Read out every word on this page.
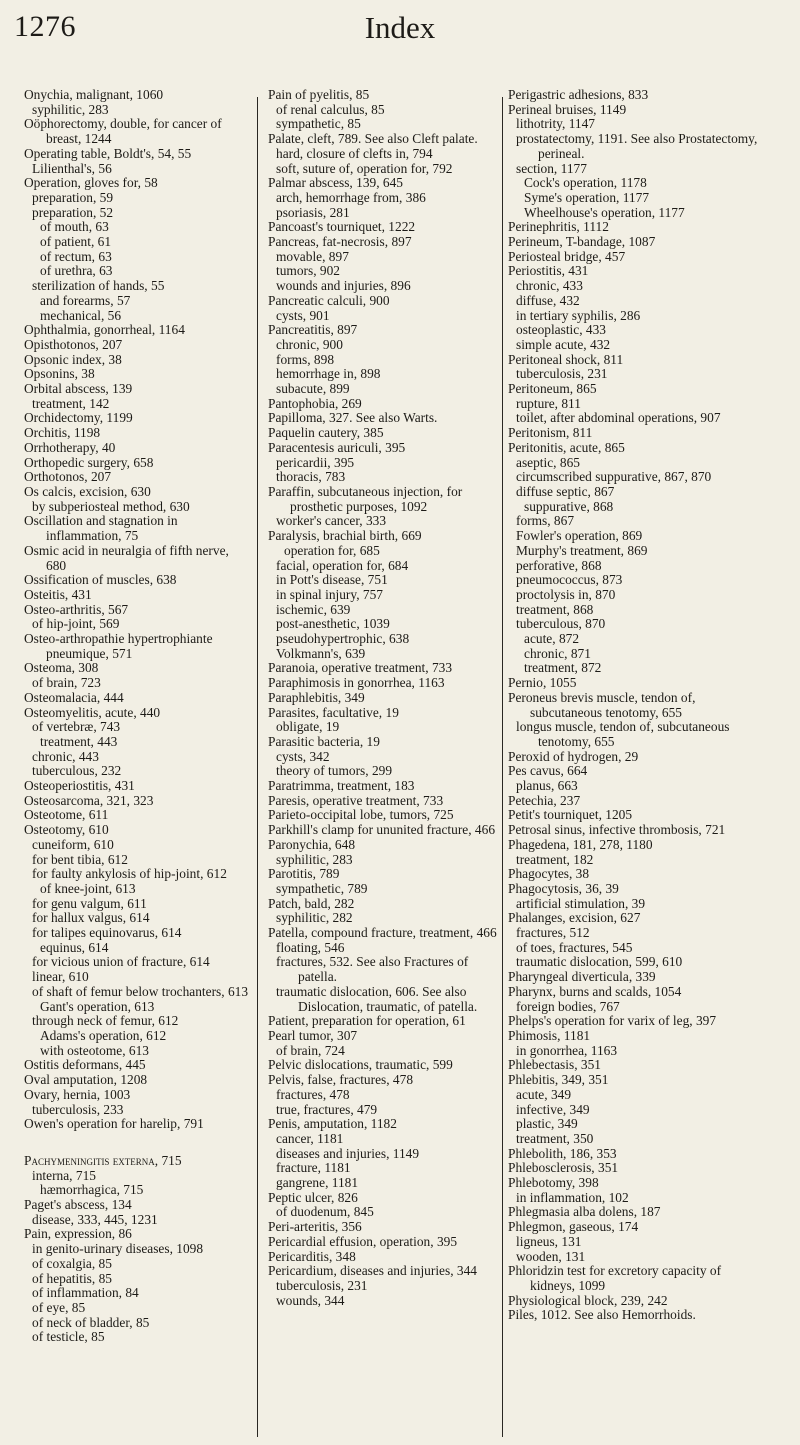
1276	Index
Onychia, malignant, 1060
syphilitic, 283
Oöphorectomy, double, for cancer of breast, 1244
Operating table, Boldt's, 54, 55
Lilienthal's, 56
Operation, gloves for, 58
preparation, 59
preparation, 52
of mouth, 63
of patient, 61
of rectum, 63
of urethra, 63
sterilization of hands, 55
and forearms, 57
mechanical, 56
Ophthalmia, gonorrheal, 1164
Opisthotonos, 207
Opsonic index, 38
Opsonins, 38
Orbital abscess, 139
treatment, 142
Orchidectomy, 1199
Orchitis, 1198
Orrhotherapy, 40
Orthopedic surgery, 658
Orthotonos, 207
Os calcis, excision, 630
by subperiosteal method, 630
Oscillation and stagnation in inflammation, 75
Osmic acid in neuralgia of fifth nerve, 680
Ossification of muscles, 638
Osteitis, 431
Osteo-arthritis, 567
of hip-joint, 569
Osteo-arthropathie hypertrophiante pneumique, 571
Osteoma, 308
of brain, 723
Osteomalacia, 444
Osteomyelitis, acute, 440
of vertebræ, 743
treatment, 443
chronic, 443
tuberculous, 232
Osteoperiostitis, 431
Osteosarcoma, 321, 323
Osteotome, 611
Osteotomy, 610
cuneiform, 610
for bent tibia, 612
for faulty ankylosis of hip-joint, 612
of knee-joint, 613
for genu valgum, 611
for hallux valgus, 614
for talipes equinovarus, 614
equinus, 614
for vicious union of fracture, 614
linear, 610
of shaft of femur below trochanters, 613
Gant's operation, 613
through neck of femur, 612
Adams's operation, 612
with osteotome, 613
Ostitis deformans, 445
Oval amputation, 1208
Ovary, hernia, 1003
tuberculosis, 233
Owen's operation for harelip, 791
Pachymeningitis externa, 715
interna, 715
hæmorrhagica, 715
Paget's abscess, 134
disease, 333, 445, 1231
Pain, expression, 86
in genito-urinary diseases, 1098
of coxalgia, 85
of hepatitis, 85
of inflammation, 84
of eye, 85
of neck of bladder, 85
of testicle, 85
Pain of pyelitis, 85
of renal calculus, 85
sympathetic, 85
Palate, cleft, 789. See also Cleft palate.
hard, closure of clefts in, 794
soft, suture of, operation for, 792
Palmar abscess, 139, 645
arch, hemorrhage from, 386
psoriasis, 281
Pancoast's tourniquet, 1222
Pancreas, fat-necrosis, 897
movable, 897
tumors, 902
wounds and injuries, 896
Pancreatic calculi, 900
cysts, 901
Pancreatitis, 897
chronic, 900
forms, 898
hemorrhage in, 898
subacute, 899
Pantophobia, 269
Papilloma, 327. See also Warts.
Paquelin cautery, 385
Paracentesis auriculi, 395
pericardii, 395
thoracis, 783
Paraffin, subcutaneous injection, for prosthetic purposes, 1092
worker's cancer, 333
Paralysis, brachial birth, 669
operation for, 685
facial, operation for, 684
in Pott's disease, 751
in spinal injury, 757
ischemic, 639
post-anesthetic, 1039
pseudohypertrophic, 638
Volkmann's, 639
Paranoia, operative treatment, 733
Paraphimosis in gonorrhea, 1163
Paraphlebitis, 349
Parasites, facultative, 19
obligate, 19
Parasitic bacteria, 19
cysts, 342
theory of tumors, 299
Paratrimma, treatment, 183
Paresis, operative treatment, 733
Parieto-occipital lobe, tumors, 725
Parkhill's clamp for ununited fracture, 466
Paronychia, 648
syphilitic, 283
Parotitis, 789
sympathetic, 789
Patch, bald, 282
syphilitic, 282
Patella, compound fracture, treatment, 466
floating, 546
fractures, 532. See also Fractures of patella.
traumatic dislocation, 606. See also Dislocation, traumatic, of patella.
Patient, preparation for operation, 61
Pearl tumor, 307
of brain, 724
Pelvic dislocations, traumatic, 599
Pelvis, false, fractures, 478
fractures, 478
true, fractures, 479
Penis, amputation, 1182
cancer, 1181
diseases and injuries, 1149
fracture, 1181
gangrene, 1181
Peptic ulcer, 826
of duodenum, 845
Peri-arteritis, 356
Pericardial effusion, operation, 395
Pericarditis, 348
Pericardium, diseases and injuries, 344
tuberculosis, 231
wounds, 344
Perigastric adhesions, 833
Perineal bruises, 1149
lithotrity, 1147
prostatectomy, 1191. See also Prostatectomy, perineal.
section, 1177
Cock's operation, 1178
Syme's operation, 1177
Wheelhouse's operation, 1177
Perinephritis, 1112
Perineum, T-bandage, 1087
Periosteal bridge, 457
Periostitis, 431
chronic, 433
diffuse, 432
in tertiary syphilis, 286
osteoplastic, 433
simple acute, 432
Peritoneal shock, 811
tuberculosis, 231
Peritoneum, 865
rupture, 811
toilet, after abdominal operations, 907
Peritonism, 811
Peritonitis, acute, 865
aseptic, 865
circumscribed suppurative, 867, 870
diffuse septic, 867
suppurative, 868
forms, 867
Fowler's operation, 869
Murphy's treatment, 869
perforative, 868
pneumococcus, 873
proctolysis in, 870
treatment, 868
tuberculous, 870
acute, 872
chronic, 871
treatment, 872
Pernio, 1055
Peroneus brevis muscle, tendon of, subcutaneous tenotomy, 655
longus muscle, tendon of, subcutaneous tenotomy, 655
Peroxid of hydrogen, 29
Pes cavus, 664
planus, 663
Petechia, 237
Petit's tourniquet, 1205
Petrosal sinus, infective thrombosis, 721
Phagedena, 181, 278, 1180
treatment, 182
Phagocytes, 38
Phagocytosis, 36, 39
artificial stimulation, 39
Phalanges, excision, 627
fractures, 512
of toes, fractures, 545
traumatic dislocation, 599, 610
Pharyngeal diverticula, 339
Pharynx, burns and scalds, 1054
foreign bodies, 767
Phelps's operation for varix of leg, 397
Phimosis, 1181
in gonorrhea, 1163
Phlebectasis, 351
Phlebitis, 349, 351
acute, 349
infective, 349
plastic, 349
treatment, 350
Phlebolith, 186, 353
Phlebosclerosis, 351
Phlebotomy, 398
in inflammation, 102
Phlegmasia alba dolens, 187
Phlegmon, gaseous, 174
ligneus, 131
wooden, 131
Phloridzin test for excretory capacity of kidneys, 1099
Physiological block, 239, 242
Piles, 1012. See also Hemorrhoids.
